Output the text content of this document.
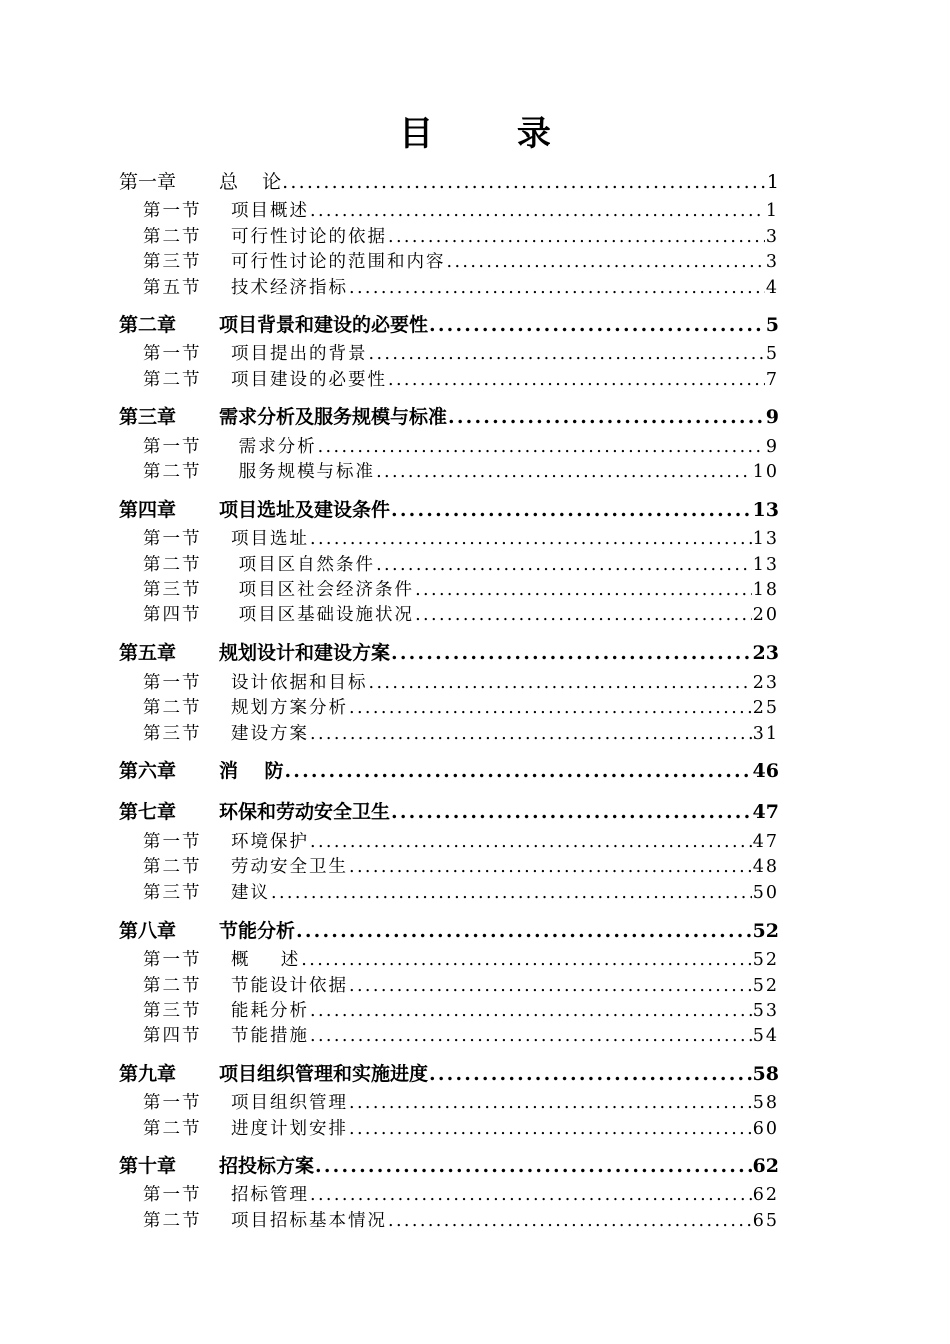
目 录
第一章	总    论 .....	1
第一节	项目概述 .....	1
第二节	可行性讨论的依据 .....	3
第三节	可行性讨论的范围和内容 .....	3
第五节	技术经济指标 .....	4
第二章	项目背景和建设的必要性 .....	5
第一节	项目提出的背景 .....	5
第二节	项目建设的必要性 .....	7
第三章	需求分析及服务规模与标准 .....	9
第一节	需求分析 .....	9
第二节	服务规模与标准 .....	10
第四章	项目选址及建设条件 .....	13
第一节	项目选址 .....	13
第二节	项目区自然条件 .....	13
第三节	项目区社会经济条件 .....	18
第四节	项目区基础设施状况 .....	20
第五章	规划设计和建设方案 .....	23
第一节	设计依据和目标 .....	23
第二节	规划方案分析 .....	25
第三节	建设方案 .....	31
第六章	消    防 .....	46
第七章	环保和劳动安全卫生 .....	47
第一节	环境保护 .....	47
第二节	劳动安全卫生 .....	48
第三节	建议 .....	50
第八章	节能分析 .....	52
第一节	概    述 .....	52
第二节	节能设计依据 .....	52
第三节	能耗分析 .....	53
第四节	节能措施 .....	54
第九章	项目组织管理和实施进度 .....	58
第一节	项目组织管理 .....	58
第二节	进度计划安排 .....	60
第十章	招投标方案 .....	62
第一节	招标管理 .....	62
第二节	项目招标基本情况 .....	65
